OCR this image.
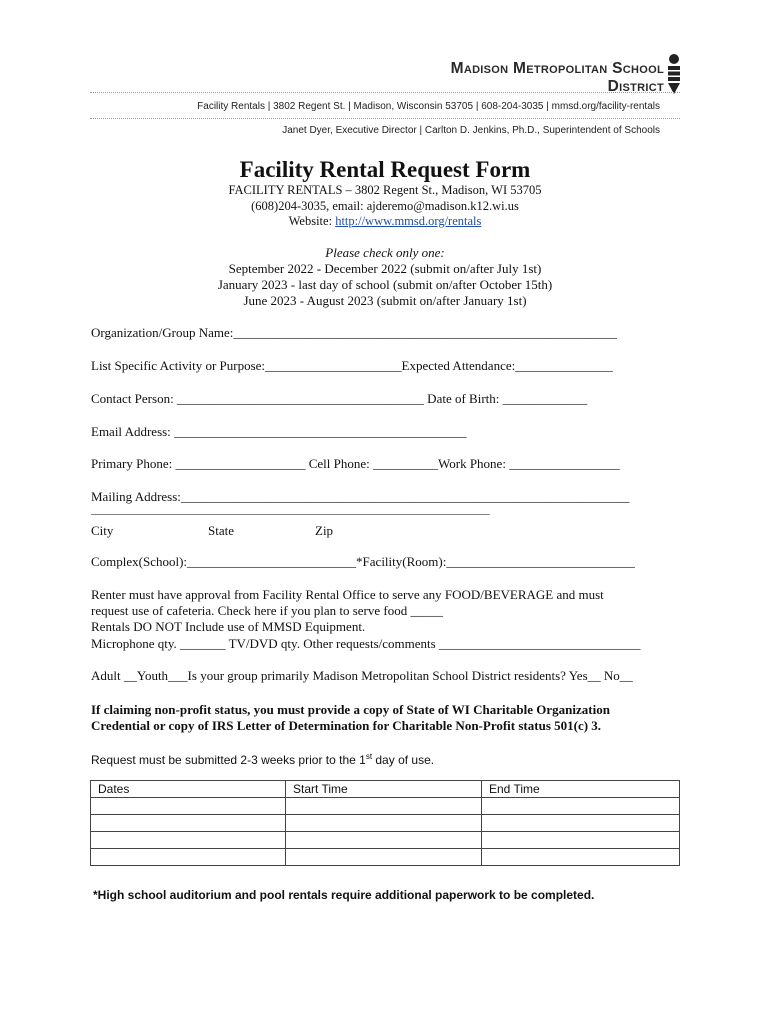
Madison Metropolitan School District
Facility Rentals | 3802 Regent St. | Madison, Wisconsin 53705 | 608-204-3035 | mmsd.org/facility-rentals
Janet Dyer, Executive Director | Carlton D. Jenkins, Ph.D., Superintendent of Schools
Facility Rental Request Form
FACILITY RENTALS – 3802 Regent St., Madison, WI 53705
(608)204-3035, email: ajderemo@madison.k12.wi.us
Website: http://www.mmsd.org/rentals
Please check only one:
September 2022 - December 2022 (submit on/after July 1st)
January 2023 - last day of school (submit on/after October 15th)
June 2023 - August 2023 (submit on/after January 1st)
Organization/Group Name:___________________________________________________________
List Specific Activity or Purpose:_____________________Expected Attendance:_______________
Contact Person: ______________________________________ Date of Birth: _____________
Email Address: _____________________________________________
Primary Phone: ____________________ Cell Phone: __________Work Phone: _________________
Mailing Address:_____________________________________________________________________
___________________________________________________________________________________
City	State	Zip
Complex(School):__________________________*Facility(Room):_____________________________
Renter must have approval from Facility Rental Office to serve any FOOD/BEVERAGE and must
request use of cafeteria. Check here if you plan to serve food _____
Rentals DO NOT Include use of MMSD Equipment.
Microphone qty. _______ TV/DVD qty. Other requests/comments _______________________________
Adult __Youth___Is your group primarily Madison Metropolitan School District residents? Yes__ No__
If claiming non-profit status, you must provide a copy of State of WI Charitable Organization
Credential or copy of IRS Letter of Determination for Charitable Non-Profit status 501(c) 3.
Request must be submitted 2-3 weeks prior to the 1st day of use.
Dates	Start Time	End Time

*High school auditorium and pool rentals require additional paperwork to be completed.
